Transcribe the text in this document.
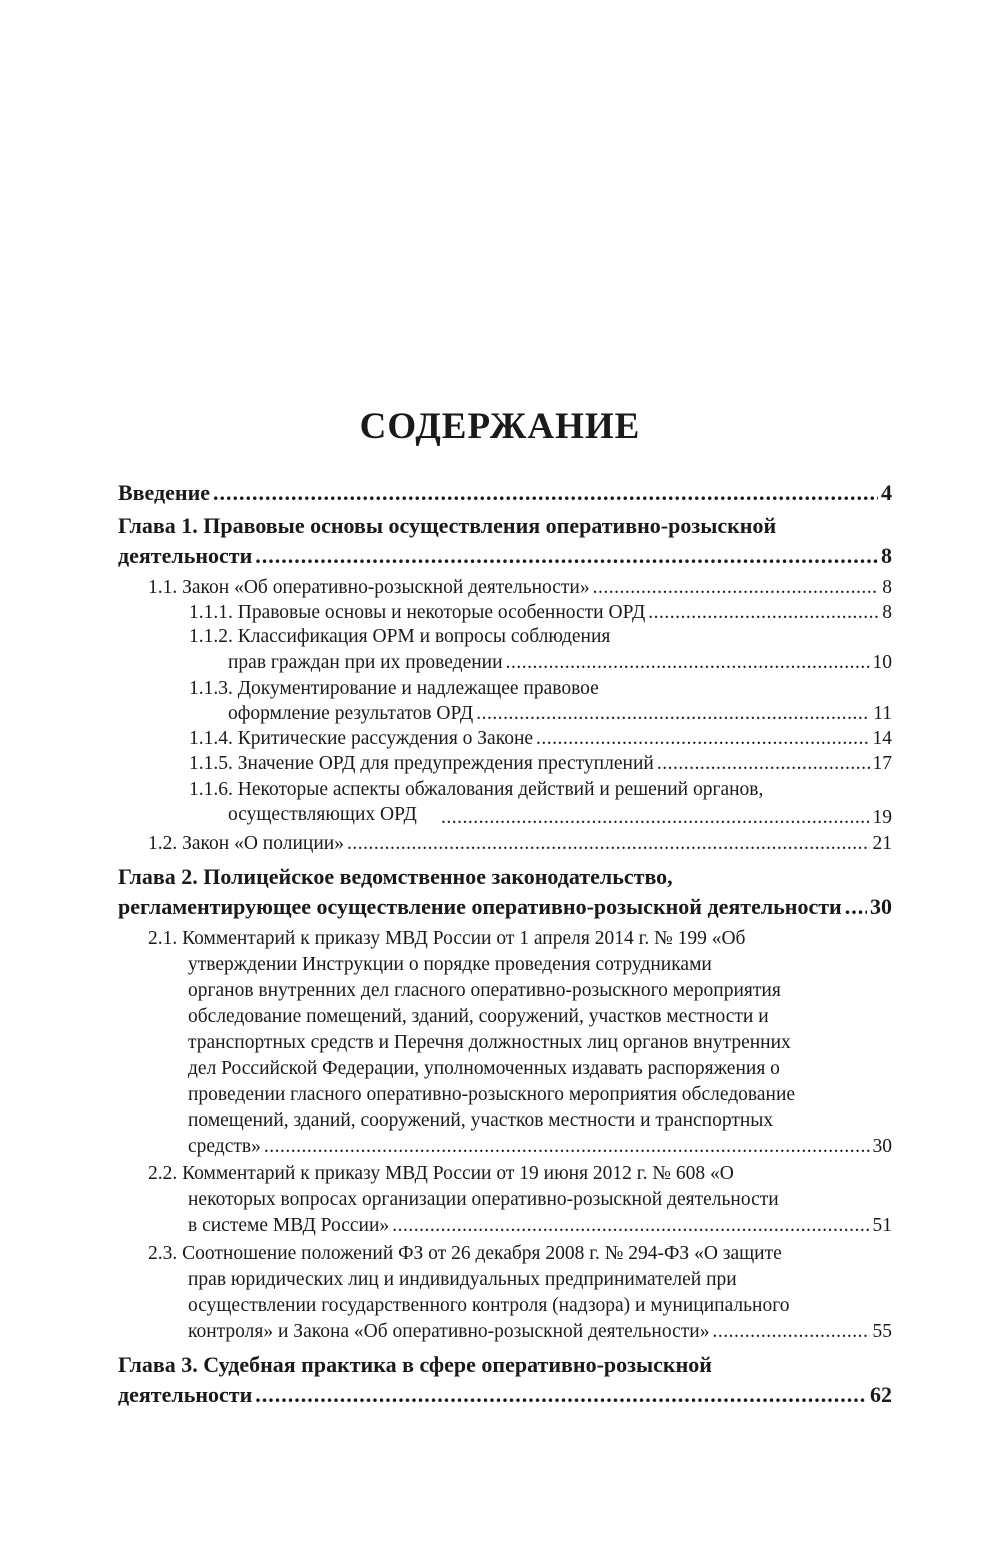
СОДЕРЖАНИЕ
Введение .....	4
Глава 1. Правовые основы осуществления оперативно-розыскной
деятельности .....	8
1.1. Закон «Об оперативно-розыскной деятельности» .....	8
1.1.1. Правовые основы и некоторые особенности ОРД .....	8
1.1.2. Классификация ОРМ и вопросы соблюдения
прав граждан при их проведении .....	10
1.1.3. Документирование и надлежащее правовое
оформление результатов ОРД .....	11
1.1.4. Критические рассуждения о Законе .....	14
1.1.5. Значение ОРД для предупреждения преступлений .....	17
1.1.6. Некоторые аспекты обжалования действий и решений органов,
осуществляющих ОРД .....	19
1.2. Закон «О полиции» .....	21
Глава 2. Полицейское ведомственное законодательство,
регламентирующее осуществление оперативно-розыскной деятельности ..... 30
2.1. Комментарий к приказу МВД России от 1 апреля 2014 г. № 199 «Об
утверждении Инструкции о порядке проведения сотрудниками
органов внутренних дел гласного оперативно-розыскного мероприятия
обследование помещений, зданий, сооружений, участков местности и
транспортных средств и Перечня должностных лиц органов внутренних
дел Российской Федерации, уполномоченных издавать распоряжения о
проведении гласного оперативно-розыскного мероприятия обследование
помещений, зданий, сооружений, участков местности и транспортных
средств» .....	30
2.2. Комментарий к приказу МВД России от 19 июня 2012 г. № 608 «О
некоторых вопросах организации оперативно-розыскной деятельности
в системе МВД России» .....	51
2.3. Соотношение положений ФЗ от 26 декабря 2008 г. № 294-ФЗ «О защите
прав юридических лиц и индивидуальных предпринимателей при
осуществлении государственного контроля (надзора) и муниципального
контроля» и Закона «Об оперативно-розыскной деятельности» .....	55
Глава 3. Судебная практика в сфере оперативно-розыскной
деятельности .....	62
